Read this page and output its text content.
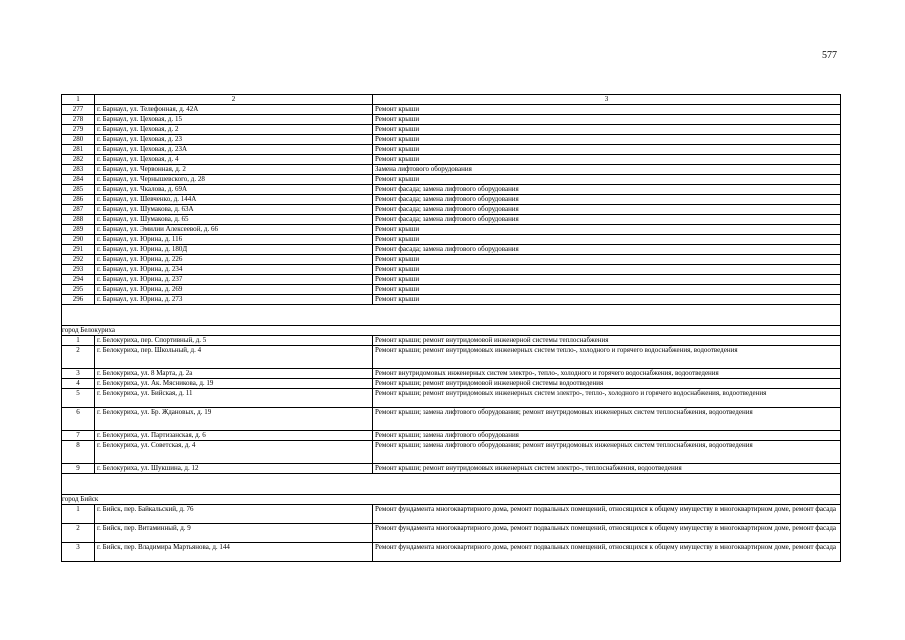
577
1	2	3
277	г. Барнаул, ул. Телефонная, д. 42А	Ремонт крыши
278	г. Барнаул, ул. Цеховая, д. 15	Ремонт крыши
279	г. Барнаул, ул. Цеховая, д. 2	Ремонт крыши
280	г. Барнаул, ул. Цеховая, д. 23	Ремонт крыши
281	г. Барнаул, ул. Цеховая, д. 23А	Ремонт крыши
282	г. Барнаул, ул. Цеховая, д. 4	Ремонт крыши
283	г. Барнаул, ул. Червонная, д. 2	Замена лифтового оборудования
284	г. Барнаул, ул. Чернышевского, д. 28	Ремонт крыши
285	г. Барнаул, ул. Чкалова, д. 69А	Ремонт фасада; замена лифтового оборудования
286	г. Барнаул, ул. Шевченко, д. 144А	Ремонт фасада; замена лифтового оборудования
287	г. Барнаул, ул. Шумакова, д. 63А	Ремонт фасада; замена лифтового оборудования
288	г. Барнаул, ул. Шумакова, д. 65	Ремонт фасада; замена лифтового оборудования
289	г. Барнаул, ул. Эмилии Алексеевой, д. 66	Ремонт крыши
290	г. Барнаул, ул. Юрина, д. 116	Ремонт крыши
291	г. Барнаул, ул. Юрина, д. 180Д	Ремонт фасада; замена лифтового оборудования
292	г. Барнаул, ул. Юрина, д. 226	Ремонт крыши
293	г. Барнаул, ул. Юрина, д. 234	Ремонт крыши
294	г. Барнаул, ул. Юрина, д. 237	Ремонт крыши
295	г. Барнаул, ул. Юрина, д. 269	Ремонт крыши
296	г. Барнаул, ул. Юрина, д. 273	Ремонт крыши

город Белокуриха		
1	г. Белокуриха, пер. Спортивный, д. 5	Ремонт крыши; ремонт внутридомовой инженерной системы теплоснабжения
2	г. Белокуриха, пер. Школьный, д. 4	Ремонт крыши; ремонт внутридомовых инженерных систем тепло-, холодного и горячего водоснабжения, водоотведения
3	г. Белокуриха, ул. 8 Марта, д. 2а	Ремонт внутридомовых инженерных систем электро-, тепло-, холодного и горячего водоснабжения, водоотведения
4	г. Белокуриха, ул. Ак. Мясникова, д. 19	Ремонт крыши; ремонт внутридомовой инженерной системы водоотведения
5	г. Белокуриха, ул. Бийская, д. 11	Ремонт крыши; ремонт внутридомовых инженерных систем электро-, тепло-, холодного и горячего водоснабжения, водоотведения
6	г. Белокуриха, ул. Бр. Ждановых, д. 19	Ремонт крыши; замена лифтового оборудования; ремонт внутридомовых инженерных систем теплоснабжения, водоотведения
7	г. Белокуриха, ул. Партизанская, д. 6	Ремонт крыши; замена лифтового оборудования
8	г. Белокуриха, ул. Советская, д. 4	Ремонт крыши; замена лифтового оборудования; ремонт внутридомовых инженерных систем теплоснабжения, водоотведения
9	г. Белокуриха, ул. Шукшина, д. 12	Ремонт крыши; ремонт внутридомовых инженерных систем электро-, теплоснабжения, водоотведения

город Бийск		
1	г. Бийск, пер. Байкальский, д. 76	Ремонт фундамента многоквартирного дома, ремонт подвальных помещений, относящихся к общему имуществу в многоквартирном доме, ремонт фасада
2	г. Бийск, пер. Витаминный, д. 9	Ремонт фундамента многоквартирного дома, ремонт подвальных помещений, относящихся к общему имуществу в многоквартирном доме, ремонт фасада
3	г. Бийск, пер. Владимира Мартьянова, д. 144	Ремонт фундамента многоквартирного дома, ремонт подвальных помещений, относящихся к общему имуществу в многоквартирном доме, ремонт фасада
